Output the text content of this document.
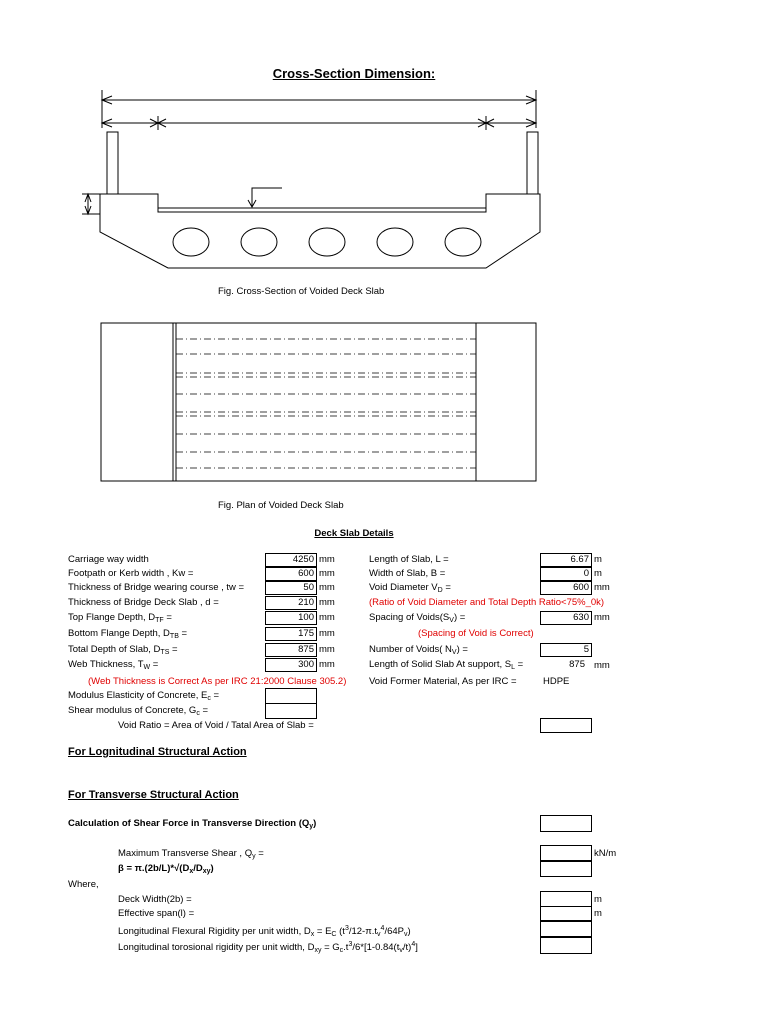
Cross-Section Dimension:
Fig. Cross-Section of Voided Deck Slab
Fig. Plan of Voided Deck Slab
Deck Slab Details
Carriage way width	4250 mm
Footpath or Kerb width , Kw =	600 mm
Thickness of Bridge wearing course , tw =	50 mm
Thickness of Bridge Deck Slab , d =	210 mm
Top Flange Depth, $D_{TF}$ =	100 mm
Bottom Flange Depth, $D_{TB}$ =	175 mm
Total Depth of Slab, $D_{TS}$ =	875 mm
Web Thickness, $T_W$ =	300 mm
Length of Slab, L =	6.67 m
Width of Slab, B =	0 m
Void Diameter $V_D$ =	600 mm
(Ratio of Void Diameter and Total Depth Ratio<75%_0k)
Spacing of $Voids(S_V)$ =	630 mm
(Spacing of Void is Correct)
Number of Voids( $N_V$) =	5
Length of Solid Slab At support, $S_L$ =	875 mm
(Web Thickness is Correct As per IRC 21:2000 Clause 305.2) Void Former Material, As per IRC =	HDPE
Modulus Elasticity of Concrete, $E_c$ =
Shear modulus of Concrete, $G_c$ =
Void Ratio = Area of Void / Tatal Area of Slab =
For Lognitudinal Structural Action
For Transverse Structural Action
Calculation of Shear Force in Transverse Direction $(Q_y)$
Maximum Transverse Shear , $Q_y$ =	kN/m
$\beta = \pi.(2b/L)*√(D_x/D_{xy})$
Where,
Deck Width(2b) =	m
Effective span(l) =	m
Longitudinal Flexural Rigidity per unit width, $D_x = E_C$ $(t^3/12-\pi.t_v^4/64P_v)$
Longitudinal torosional rigidity per unit width, $D_{xy} = G_c.t^3/6*[1-0.84(t_v/t)^4]$
